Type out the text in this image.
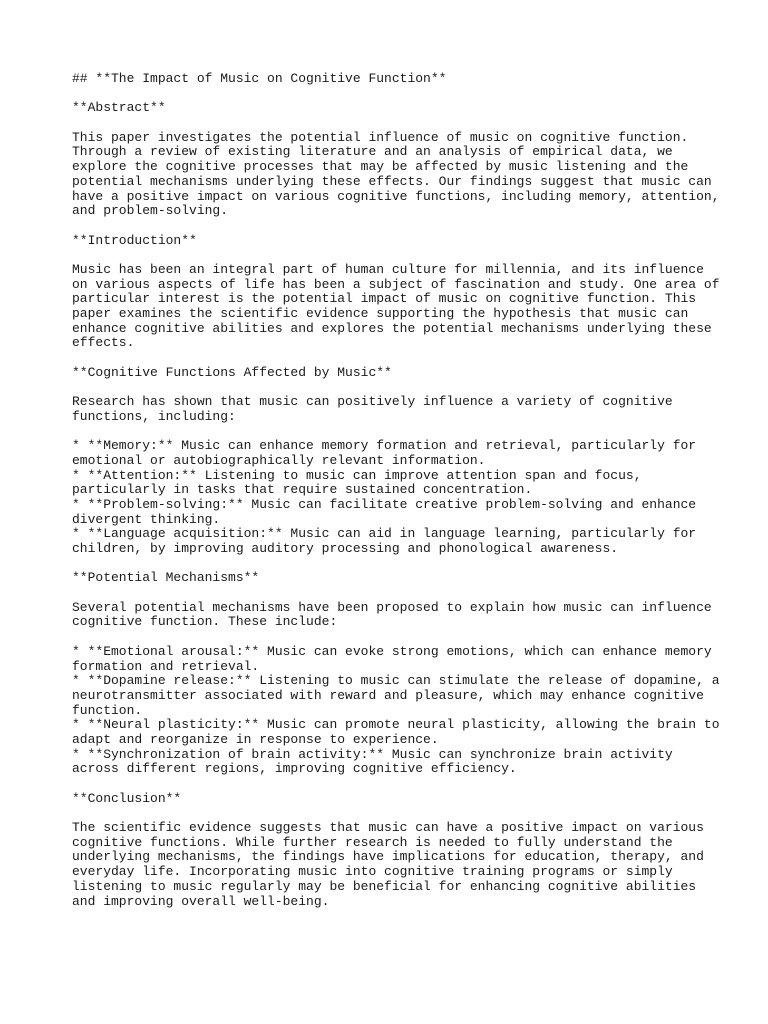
## **The Impact of Music on Cognitive Function**
**Abstract**
This paper investigates the potential influence of music on cognitive function.
Through a review of existing literature and an analysis of empirical data, we
explore the cognitive processes that may be affected by music listening and the
potential mechanisms underlying these effects. Our findings suggest that music can
have a positive impact on various cognitive functions, including memory, attention,
and problem-solving.
**Introduction**
Music has been an integral part of human culture for millennia, and its influence
on various aspects of life has been a subject of fascination and study. One area of
particular interest is the potential impact of music on cognitive function. This
paper examines the scientific evidence supporting the hypothesis that music can
enhance cognitive abilities and explores the potential mechanisms underlying these
effects.
**Cognitive Functions Affected by Music**
Research has shown that music can positively influence a variety of cognitive
functions, including:
* **Memory:** Music can enhance memory formation and retrieval, particularly for
emotional or autobiographically relevant information.
* **Attention:** Listening to music can improve attention span and focus,
particularly in tasks that require sustained concentration.
* **Problem-solving:** Music can facilitate creative problem-solving and enhance
divergent thinking.
* **Language acquisition:** Music can aid in language learning, particularly for
children, by improving auditory processing and phonological awareness.
**Potential Mechanisms**
Several potential mechanisms have been proposed to explain how music can influence
cognitive function. These include:
* **Emotional arousal:** Music can evoke strong emotions, which can enhance memory
formation and retrieval.
* **Dopamine release:** Listening to music can stimulate the release of dopamine, a
neurotransmitter associated with reward and pleasure, which may enhance cognitive
function.
* **Neural plasticity:** Music can promote neural plasticity, allowing the brain to
adapt and reorganize in response to experience.
* **Synchronization of brain activity:** Music can synchronize brain activity
across different regions, improving cognitive efficiency.
**Conclusion**
The scientific evidence suggests that music can have a positive impact on various
cognitive functions. While further research is needed to fully understand the
underlying mechanisms, the findings have implications for education, therapy, and
everyday life. Incorporating music into cognitive training programs or simply
listening to music regularly may be beneficial for enhancing cognitive abilities
and improving overall well-being.
